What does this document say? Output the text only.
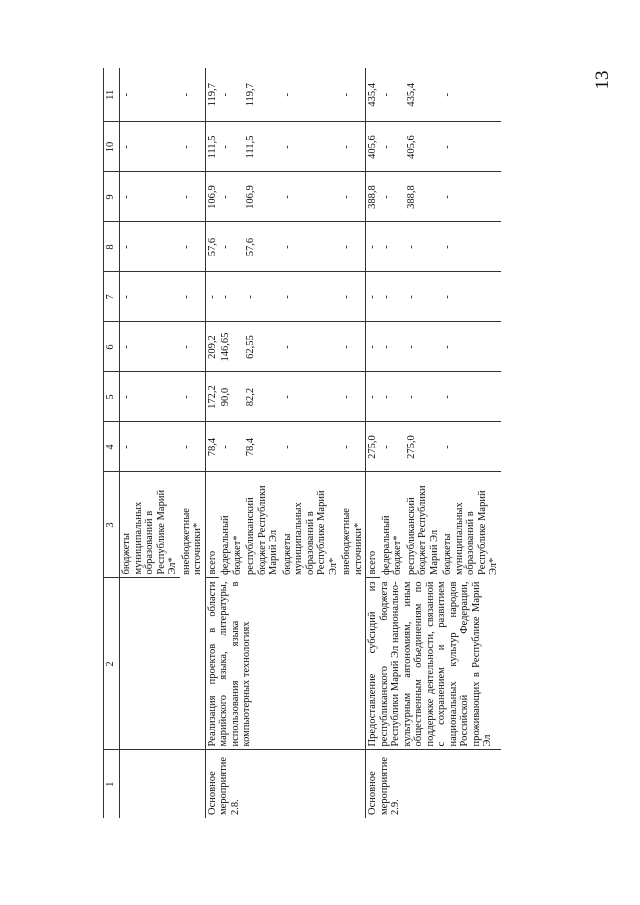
13
1	2	3	4	5	6	7	8	9	10	11
		бюджеты муниципальных образований в Республике Марий Эл*	-	-	-	-	-	-	-	-
		внебюджетные источники*	-	-	-	-	-	-	-	-
Основное мероприятие 2.8.	Реализация проектов в области марийского языка, литературы, использования языка в компьютерных технологиях	всего	78,4	172,2	209,2	-	57,6	106,9	111,5	119,7
		федеральный бюджет*	-	90,0	146,65	-	-	-	-	-
		республиканский бюджет Республики Марий Эл	78,4	82,2	62,55	-	57,6	106,9	111,5	119,7
		бюджеты муниципальных образований в Республике Марий Эл*	-	-	-	-	-	-	-	-
		внебюджетные источники*	-	-	-	-	-	-	-	-
Основное мероприятие 2.9.	Предоставление субсидий из республиканского бюджета Республики Марий Эл национально-культурным автономиям, иным общественным объединениям по поддержке деятельности, связанной с сохранением и развитием национальных культур народов Российской Федерации, проживающих в Республике Марий Эл	всего	275,0	-	-	-	-	388,8	405,6	435,4
		федеральный бюджет*	-	-	-	-	-	-	-	-
		республиканский бюджет Республики Марий Эл	275,0	-	-	-	-	388,8	405,6	435,4
		бюджеты муниципальных образований в Республике Марий Эл*	-	-	-	-	-	-	-	-
